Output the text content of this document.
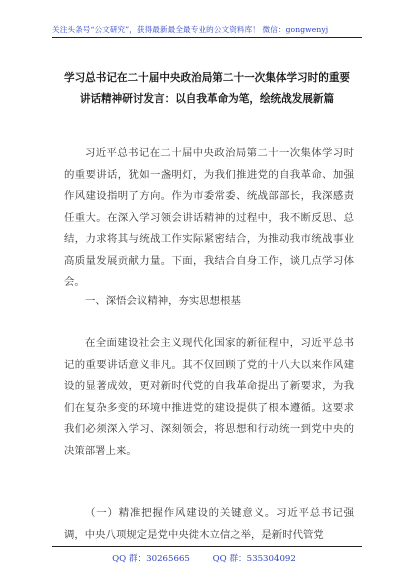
关注头条号“公文研究”，获得最新最全最专业的公文资料库！ 微信：gongwenyj
学习总书记在二十届中央政治局第二十一次集体学习时的重要讲话精神研讨发言：以自我革命为笔，绘统战发展新篇

习近平总书记在二十届中央政治局第二十一次集体学习时的重要讲话，犹如一盏明灯，为我们推进党的自我革命、加强作风建设指明了方向。作为市委常委、统战部部长，我深感责任重大。在深入学习领会讲话精神的过程中，我不断反思、总结，力求将其与统战工作实际紧密结合，为推动我市统战事业高质量发展贡献力量。下面，我结合自身工作，谈几点学习体会。

一、深悟会议精神，夯实思想根基

在全面建设社会主义现代化国家的新征程中，习近平总书记的重要讲话意义非凡。其不仅回顾了党的十八大以来作风建设的显著成效，更对新时代党的自我革命提出了新要求，为我们在复杂多变的环境中推进党的建设提供了根本遵循。这要求我们必须深入学习、深刻领会，将思想和行动统一到党中央的决策部署上来。

（一）精准把握作风建设的关键意义。习近平总书记强调，中央八项规定是党中央徙木立信之举，是新时代管党

QQ 群：30265665	QQ 群：535304092
